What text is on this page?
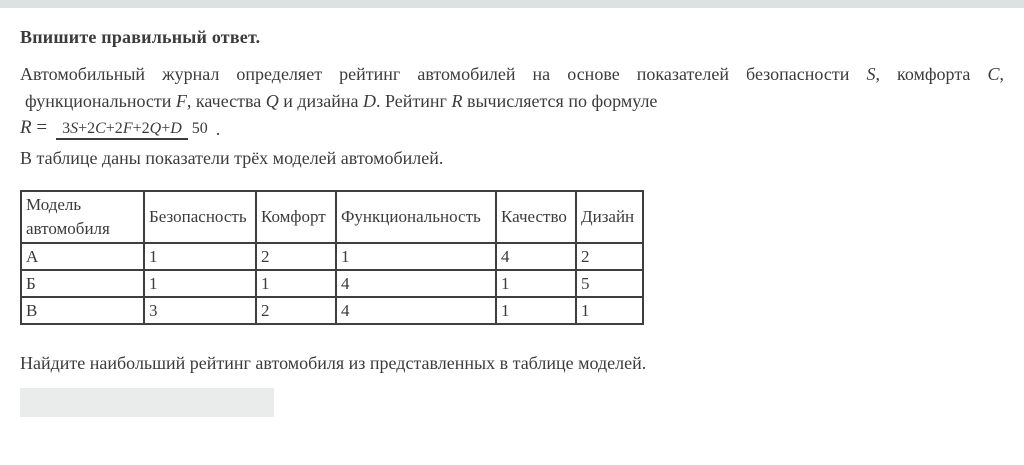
Впишите правильный ответ.
Автомобильный журнал определяет рейтинг автомобилей на основе показателей безопасности S, комфорта C,
функциональности F, качества Q и дизайна D. Рейтинг R вычисляется по формуле
R = 3S+2C+2F+2Q+D 50 .
В таблице даны показатели трёх моделей автомобилей.
Модель автомобиля	Безопасность	Комфорт	Функциональность	Качество	Дизайн
А	1	2	1	4	2
Б	1	1	4	1	5
В	3	2	4	1	1
Найдите наибольший рейтинг автомобиля из представленных в таблице моделей.
